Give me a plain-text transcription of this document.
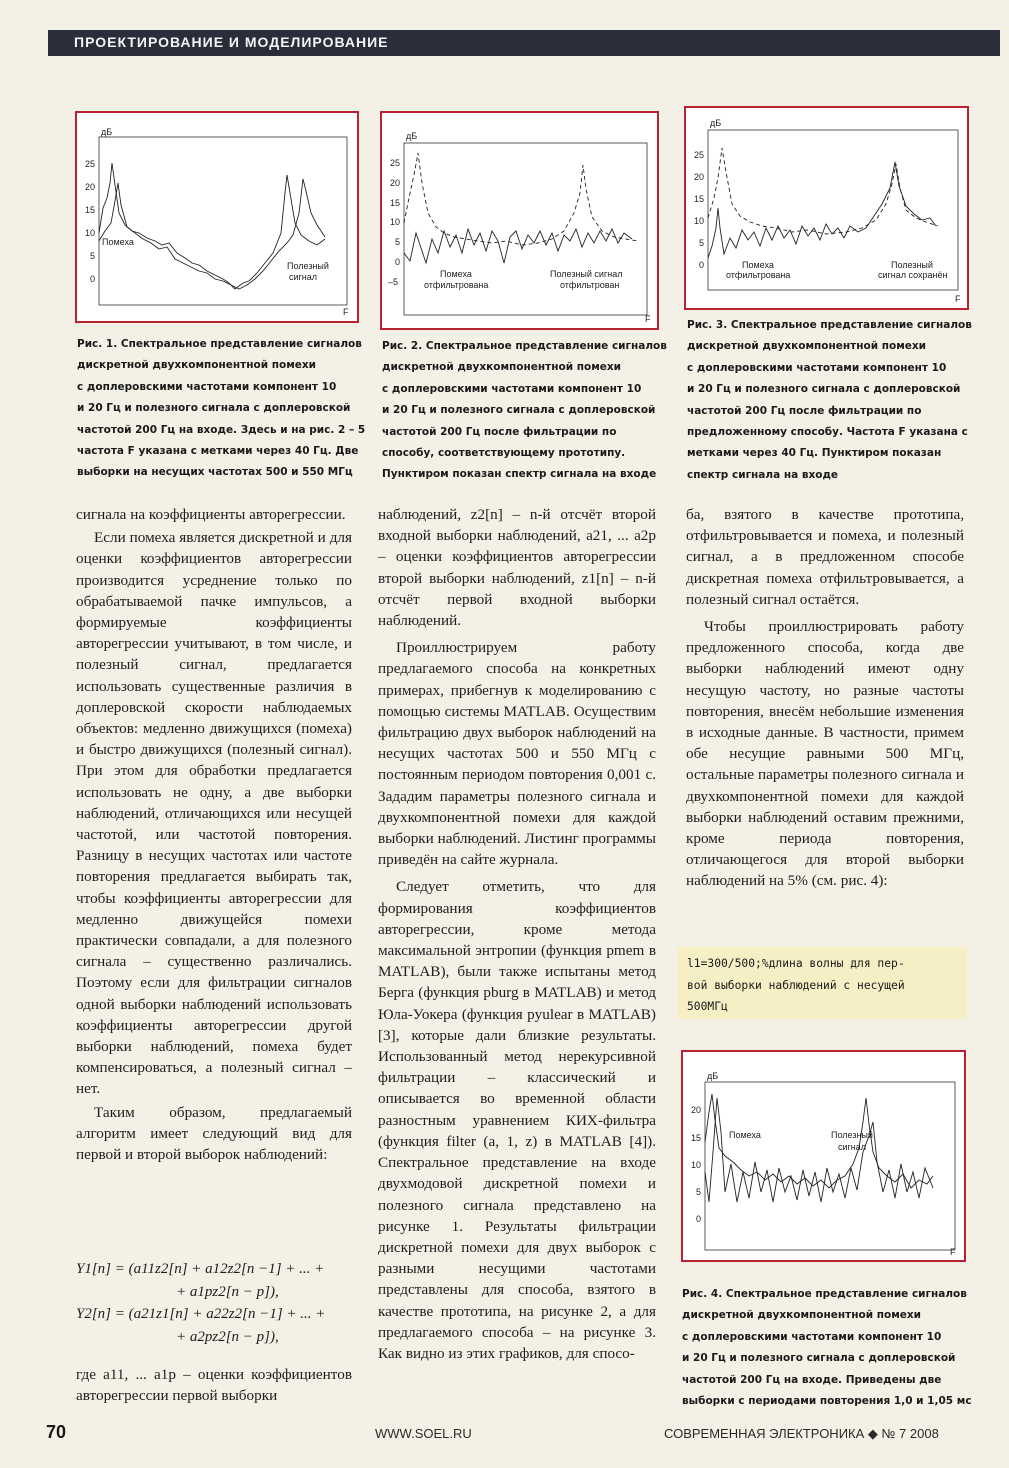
ПРОЕКТИРОВАНИЕ И МОДЕЛИРОВАНИЕ
дБ
25
20
15
10
5
0
Помеха
Полезный
сигнал
F
Рис. 1. Спектральное представление сигналов
дискретной двухкомпонентной помехи
с доплеровскими частотами компонент 10
и 20 Гц и полезного сигнала с доплеровской
частотой 200 Гц на входе. Здесь и на рис. 2 – 5
частота F указана с метками через 40 Гц. Две
выборки на несущих частотах 500 и 550 МГц
дБ
25
20
15
10
5
0
–5
Помеха
отфильтрована
Полезный сигнал
отфильтрован
F
Рис. 2. Спектральное представление сигналов
дискретной двухкомпонентной помехи
с доплеровскими частотами компонент 10
и 20 Гц и полезного сигнала с доплеровской
частотой 200 Гц после фильтрации по
способу, соответствующему прототипу.
Пунктиром показан спектр сигнала на входе
дБ
25
20
15
10
5
0	Помеха
отфильтрована
Полезный
сигнал сохранён
F
Рис. 3. Спектральное представление сигналов
дискретной двухкомпонентной помехи
с доплеровскими частотами компонент 10
и 20 Гц и полезного сигнала с доплеровской
частотой 200 Гц после фильтрации по
предложенному способу. Частота F указана с
метками через 40 Гц. Пунктиром показан
спектр сигнала на входе
дБ
20
15
10
5
0
Помеха	Полезный
сигнал
F
Рис. 4. Спектральное представление сигналов
дискретной двухкомпонентной помехи
с доплеровскими частотами компонент 10
и 20 Гц и полезного сигнала с доплеровской
частотой 200 Гц на входе. Приведены две
выборки с периодами повторения 1,0 и 1,05 мс

сигнала на коэффициенты авторегрессии.

Если помеха является дискретной и для оценки коэффициентов авторегрессии производится усреднение только по обрабатываемой пачке импульсов, а формируемые коэффициенты авторегрессии учитывают, в том числе, и полезный сигнал, предлагается использовать существенные различия в доплеровской скорости наблюдаемых объектов: медленно движущихся (помеха) и быстро движущихся (полезный сигнал). При этом для обработки предлагается использовать не одну, а две выборки наблюдений, отличающихся или несущей частотой, или частотой повторения. Разницу в несущих частотах или частоте повторения предлагается выбирать так, чтобы коэффициенты авторегрессии для медленно движущейся помехи практически совпадали, а для полезного сигнала – существенно различались. Поэтому если для фильтрации сигналов одной выборки наблюдений использовать коэффициенты авторегрессии другой выборки наблюдений, помеха будет компенсироваться, а полезный сигнал – нет.

Таким образом, предлагаемый алгоритм имеет следующий вид для первой и второй выборок наблюдений:

Y1[n] = (a11z2[n] + a12z2[n −1] + ... +
+ a1pz2[n − p]),
Y2[n] = (a21z1[n] + a22z2[n −1] + ... +
+ a2pz2[n − p]),

где a11, ... a1p – оценки коэффициентов авторегрессии первой выборки

наблюдений, z2[n] – n-й отсчёт второй входной выборки наблюдений, a21, ... a2p – оценки коэффициентов авторегрессии второй выборки наблюдений, z1[n] – n-й отсчёт первой входной выборки наблюдений.

Проиллюстрируем работу предлагаемого способа на конкретных примерах, прибегнув к моделированию с помощью системы MATLAB. Осуществим фильтрацию двух выборок наблюдений на несущих частотах 500 и 550 МГц с постоянным периодом повторения 0,001 с. Зададим параметры полезного сигнала и двухкомпонентной помехи для каждой выборки наблюдений. Листинг программы приведён на сайте журнала.

Следует отметить, что для формирования коэффициентов авторегрессии, кроме метода максимальной энтропии (функция pmem в MATLAB), были также испытаны метод Берга (функция pburg в MATLAB) и метод Юла-Уокера (функция pyulear в MATLAB) [3], которые дали близкие результаты. Использованный метод нерекурсивной фильтрации – классический и описывается во временной области разностным уравнением КИХ-фильтра (функция filter (a, 1, z) в MATLAB [4]). Спектральное представление на входе двухмодовой дискретной помехи и полезного сигнала представлено на рисунке 1. Результаты фильтрации дискретной помехи для двух выборок с разными несущими частотами представлены для способа, взятого в качестве прототипа, на рисунке 2, а для предлагаемого способа – на рисунке 3. Как видно из этих графиков, для спосо-

ба, взятого в качестве прототипа, отфильтровывается и помеха, и полезный сигнал, а в предложенном способе дискретная помеха отфильтровывается, а полезный сигнал остаётся.

Чтобы проиллюстрировать работу предложенного способа, когда две выборки наблюдений имеют одну несущую частоту, но разные частоты повторения, внесём небольшие изменения в исходные данные. В частности, примем обе несущие равными 500 МГц, остальные параметры полезного сигнала и двухкомпонентной помехи для каждой выборки наблюдений оставим прежними, кроме периода повторения, отличающегося для второй выборки наблюдений на 5% (см. рис. 4):

l1=300/500;%длина волны для пер-
вой выборки наблюдений с несущей
500МГц
70	WWW.SOEL.RU	СОВРЕМЕННАЯ ЭЛЕКТРОНИКА ◆ № 7 2008
